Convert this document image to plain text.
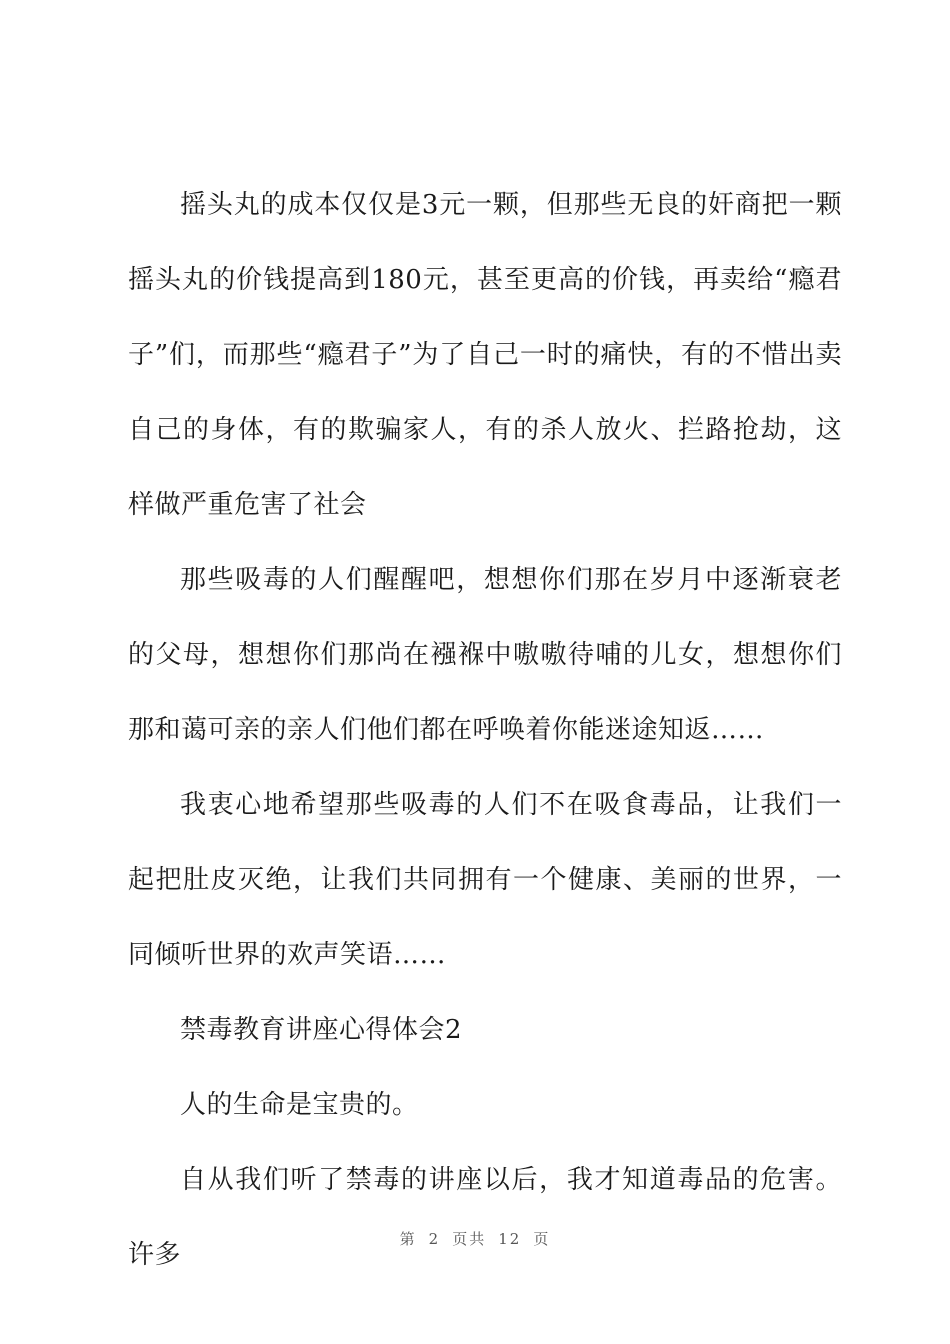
摇头丸的成本仅仅是3元一颗，但那些无良的奸商把一颗摇头丸的价钱提高到180元，甚至更高的价钱，再卖给“瘾君子”们，而那些“瘾君子”为了自己一时的痛快，有的不惜出卖自己的身体，有的欺骗家人，有的杀人放火、拦路抢劫，这样做严重危害了社会

那些吸毒的人们醒醒吧，想想你们那在岁月中逐渐衰老的父母，想想你们那尚在襁褓中嗷嗷待哺的儿女，想想你们那和蔼可亲的亲人们他们都在呼唤着你能迷途知返……

我衷心地希望那些吸毒的人们不在吸食毒品，让我们一起把肚皮灭绝，让我们共同拥有一个健康、美丽的世界，一同倾听世界的欢声笑语……

禁毒教育讲座心得体会2

人的生命是宝贵的。

自从我们听了禁毒的讲座以后，我才知道毒品的危害。许多

第 2 页共 12 页
